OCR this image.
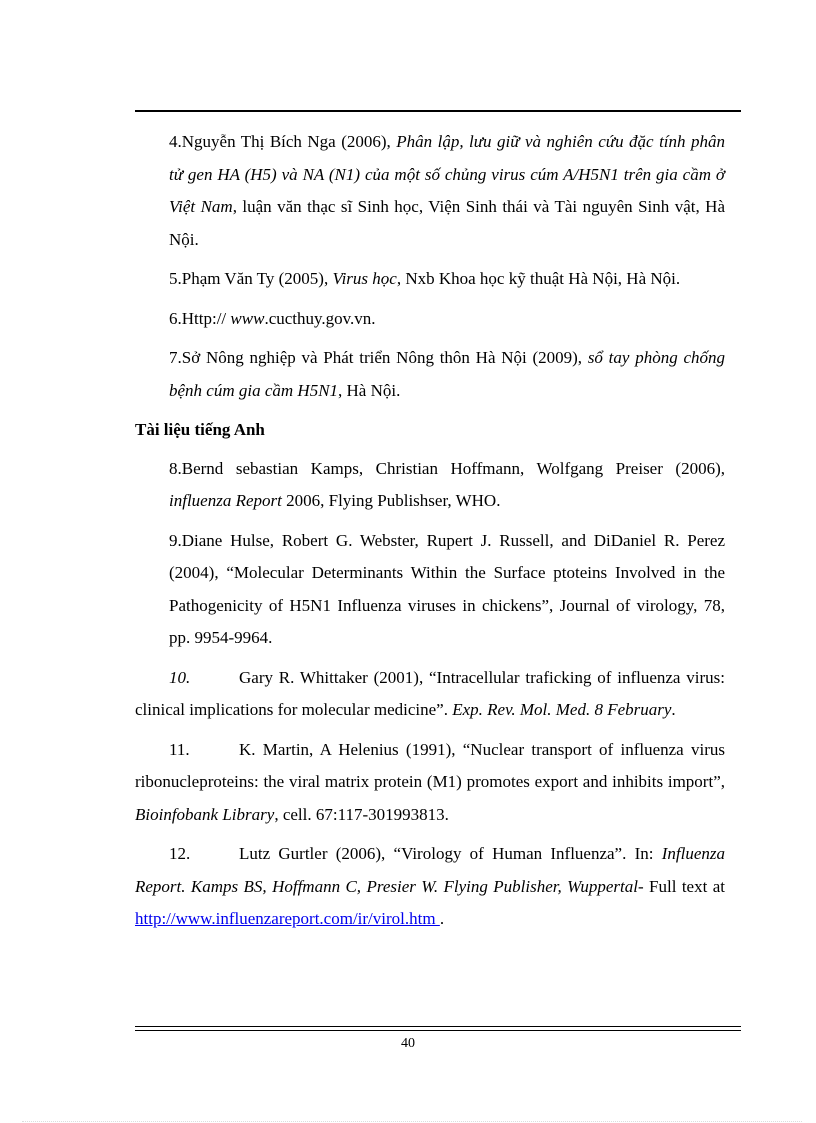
4.Nguyễn Thị Bích Nga (2006), Phân lập, lưu giữ và nghiên cứu đặc tính phân tử gen HA (H5) và NA (N1) của một số chủng virus cúm A/H5N1 trên gia cầm ở Việt Nam, luận văn thạc sĩ Sinh học, Viện Sinh thái và Tài nguyên Sinh vật, Hà Nội.

5.Phạm Văn Ty (2005), Virus học, Nxb Khoa học kỹ thuật Hà Nội, Hà Nội.

6.Http:// www.cucthuy.gov.vn.

7.Sở Nông nghiệp và Phát triển Nông thôn Hà Nội (2009), sổ tay phòng chống bệnh cúm gia cầm H5N1, Hà Nội.

Tài liệu tiếng Anh

8.Bernd sebastian Kamps, Christian Hoffmann, Wolfgang Preiser (2006), influenza Report 2006, Flying Publishser, WHO.

9.Diane Hulse, Robert G. Webster, Rupert J. Russell, and DiDaniel R. Perez (2004), “Molecular Determinants Within the Surface ptoteins Involved in the Pathogenicity of H5N1 Influenza viruses in chickens”, Journal of virology, 78, pp. 9954-9964.

10.	Gary R. Whittaker (2001), “Intracellular traficking of influenza virus: clinical implications for molecular medicine”. Exp. Rev. Mol. Med. 8 February.

11.	K. Martin, A Helenius (1991), “Nuclear transport of influenza virus ribonucleproteins: the viral matrix protein (M1) promotes export and inhibits import”, Bioinfobank Library, cell. 67:117-301993813.

12.	Lutz Gurtler (2006), “Virology of Human Influenza”. In: Influenza Report. Kamps BS, Hoffmann C, Presier W. Flying Publisher, Wuppertal- Full text at http://www.influenzareport.com/ir/virol.htm .

40
